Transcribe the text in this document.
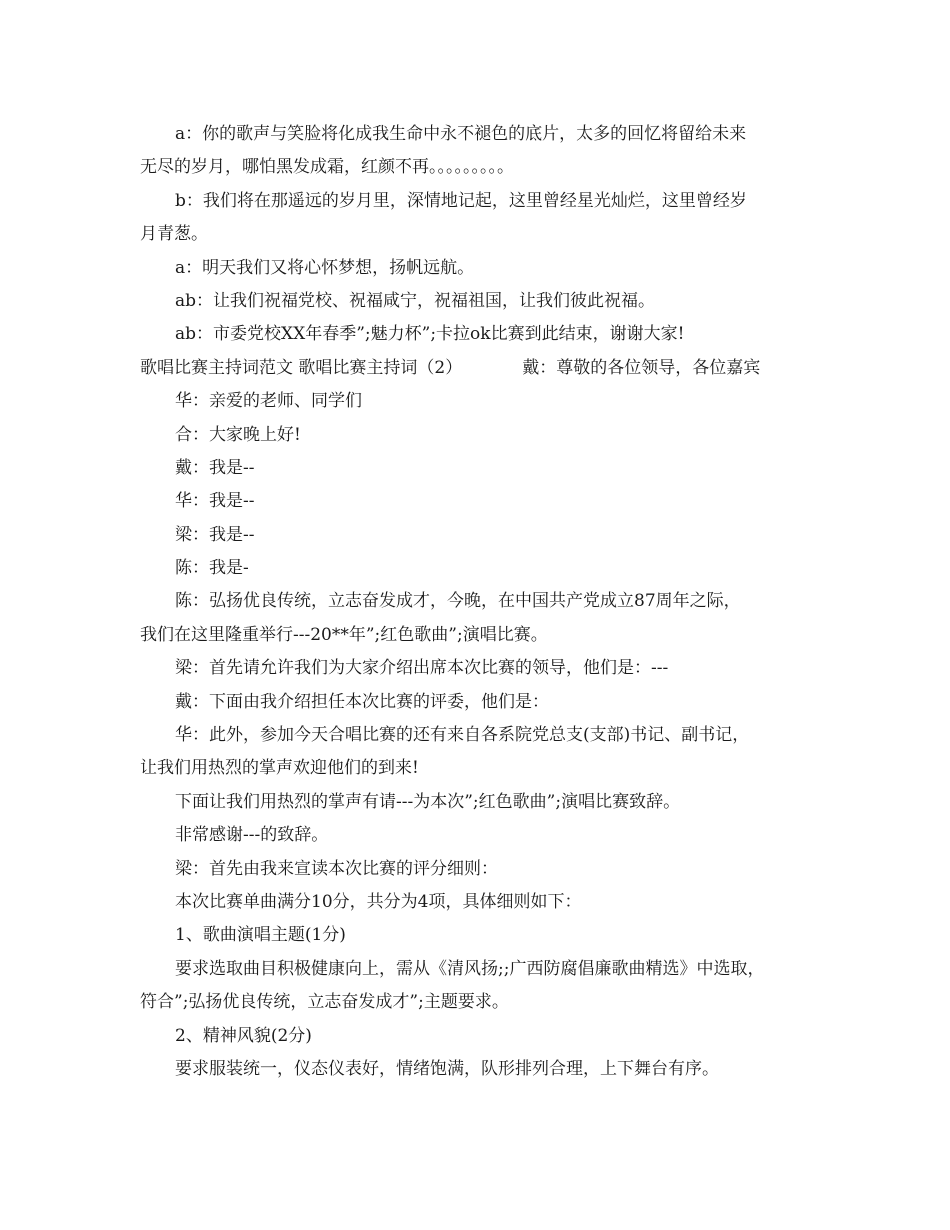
a：你的歌声与笑脸将化成我生命中永不褪色的底片，太多的回忆将留给未来
无尽的岁月，哪怕黑发成霜，红颜不再。。。。。。。。。
b：我们将在那遥远的岁月里，深情地记起，这里曾经星光灿烂，这里曾经岁
月青葱。
a：明天我们又将心怀梦想，扬帆远航。
ab：让我们祝福党校、祝福咸宁，祝福祖国，让我们彼此祝福。
ab：市委党校XX年春季”;魅力杯”;卡拉ok比赛到此结束，谢谢大家!
歌唱比赛主持词范文 歌唱比赛主持词（2）	戴：尊敬的各位领导，各位嘉宾
华：亲爱的老师、同学们
合：大家晚上好!
戴：我是--
华：我是--
梁：我是--
陈：我是-
陈：弘扬优良传统，立志奋发成才，今晚，在中国共产党成立87周年之际，
我们在这里隆重举行---20**年”;红色歌曲”;演唱比赛。
梁：首先请允许我们为大家介绍出席本次比赛的领导，他们是：---
戴：下面由我介绍担任本次比赛的评委，他们是：
华：此外，参加今天合唱比赛的还有来自各系院党总支(支部)书记、副书记，
让我们用热烈的掌声欢迎他们的到来!
下面让我们用热烈的掌声有请---为本次”;红色歌曲”;演唱比赛致辞。
非常感谢---的致辞。
梁：首先由我来宣读本次比赛的评分细则：
本次比赛单曲满分10分，共分为4项，具体细则如下：
1、歌曲演唱主题(1分)
要求选取曲目积极健康向上，需从《清风扬;;广西防腐倡廉歌曲精选》中选取，
符合”;弘扬优良传统，立志奋发成才”;主题要求。
2、精神风貌(2分)
要求服装统一，仪态仪表好，情绪饱满，队形排列合理，上下舞台有序。
